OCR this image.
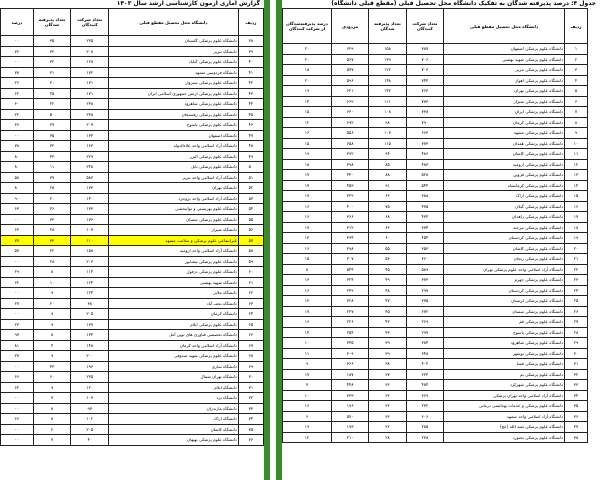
گزارش آماری آزمون کارشناسی ارشد سال ۱۴۰۳
ردیف	دانشگاه محل تحصیل مقطع قبلی	تعداد شرکت کنندگان	تعداد پذیرفته شدگان	درصد
۳۸	دانشگاه علوم پزشکی گلستان	۲۳۵	۳۵	۰۰
۳۹	دانشگاه تبریز	۲۰۸	۳۲	۷۶
۴۰	دانشگاه علوم پزشکی گناباد	۱۲۸	۳۲	۰۰
۴۱	دانشگاه فردوسی مشهد	۱۷۲	۳۱	۷۸
۴۲	دانشگاه علوم پزشکی سبزوار	۱۷۱	۳۰	۲۶
۴۳	دانشگاه علوم پزشکی ارتش جمهوری اسلامی ایران	۱۷۱	۲۵	۶۲
۴۴	دانشگاه علوم پزشکی شاهرود	۲۳۸	۲۲	۳۰
۴۵	دانشگاه علوم پزشکی رفسنجان	۲۳۸	۵۰	۲۲
۴۶	دانشگاه علوم پزشکی یاسوج	۲۰۷	۲۷	۳۶
۴۷	دانشگاه اصفهان	۱۳۴	۳۵	۰۰
۴۸	دانشگاه آزاد اسلامی واحد علاءالدوله	۱۶۳	۳۲	۷۸
۴۹	دانشگاه علوم پزشکی البرز	۲۲۹	۴۳	۸۰
۵۰	دانشگاه علوم پزشکی بابل	۲۴۸	۱۱	۸۰
۵۱	دانشگاه آزاد اسلامی واحد تبریز	۵۸۳	۳۷	۵۸
۵۲	دانشگاه تهران	۱۷۳	۲۸	۸۰
۵۳	دانشگاه آزاد اسلامی واحد بروجرد	۱۴۰	۲۰	۹۰
۵۴	دانشگاه علوم بهزیستی و توانبخشی	۱۳۳	۲۶	۶۳
۵۵	دانشگاه علوم پزشکی سمنان	۱۷۶	۳۳	۰۰
۵۶	دانشگاه شیراز	۱۰۷	۲۸	۶۳
۵۷	غیرانتفاعی علوم پزشکی و سلامت مشهد	۱۱۰	۳۳	۷۷
۵۸	دانشگاه آزاد اسلامی واحد ارومیه	۱۵۸	۲۲	۵۷
۵۹	دانشگاه علوم پزشکی نیشابور	۲۰۳	۲۸	۰۰
۶۰	دانشگاه علوم پزشکی دزفول	۱۱۴	۸	۲۹
۶۱	دانشگاه شهید بهشتی	۱۲۴	۱۰	۶۲
۶۲	دانشگاه ملایر	۱۲۴	۹	۰۰
۶۳	دانشگاه نجف آباد	۳۸	۲۰	۲۷
۶۴	دانشگاه کرمان	۲۰۵	۹	۰۰
۶۵	دانشگاه علوم پزشکی ایلام	۱۳۷	۹	۲۳
۶۶	دانشگاه تخصصی فناوری های نوین آمل	۱۳۴	۸	۹۷
۶۷	دانشگاه آزاد اسلامی واحد کرمان	۱۴۸	۴	۸۱
۶۸	دانشگاه علوم پزشکی شهید صدوقی	۲۰۰	۹	۲۷
۶۹	دانشگاه ساری	۱۹۶	۴۳	۰۰
۷۰	دانشگاه تهران شمال	۲۳۵	۶۰	۶۶
۷۱	دانشگاه ایلام	۱۲۰	۹	۶۲
۷۲	دانشگاه یزد	۱۰۷	۷	۰۰
۷۳	دانشگاه مازندران	۹۷	۸	۰۰
۷۴	دانشگاه اراک	۱۰۲	۸	۶۶
۷۵	دانشگاه کاشان	۲۰۵	۲	۰۰
۷۶	دانشگاه علوم پزشکی بهبهان	۴۰	۷	۰۰
جدول ۴: درصد پذیرفته شدگان به تفکیک دانشگاه محل تحصیل قبلی (مقطع قبلی دانشگاه)
ردیف	دانشگاه محل تحصیل مقطع قبلی	تعداد شرکت کنندگان	تعداد پذیرفته شدگان	مردودی	درصد پذیرفته‌شدگان از شرکت کنندگان
۱	دانشگاه علوم پزشکی اصفهان	۷۸۷	۱۵۸	۶۲۹	۲۰
۲	دانشگاه علوم پزشکی شهید بهشتی	۷۰۶	۱۳۹	۵۶۷	۲۰
۳	دانشگاه علوم پزشکی تبریز	۷۰۳	۱۲۶	۵۷۷	۱۸
۴	دانشگاه علوم پزشکی اهواز	۷۴۴	۱۴۸	۵۹۶	۲۰
۵	دانشگاه علوم پزشکی تهران	۷۶۳	۱۴۲	۶۲۱	۱۹
۶	دانشگاه علوم پزشکی شیراز	۷۷۳	۱۱۱	۶۶۲	۱۴
۷	دانشگاه علوم پزشکی ایران	۷۳۸	۱۰۸	۶۳۰	۱۵
۸	دانشگاه علوم پزشکی کرمان	۷۹۰	۹۸	۶۹۲	۱۲
۹	دانشگاه علوم پزشکی مشهد	۶۶۳	۱۰۷	۵۵۶	۱۶
۱۰	دانشگاه علوم پزشکی همدان	۷۷۳	۱۱۵	۶۵۸	۱۵
۱۱	دانشگاه علوم پزشکی کاشان	۴۸۶	۹۴	۳۹۲	۱۹
۱۲	دانشگاه علوم پزشکی ارومیه	۴۸۳	۸۵	۳۹۸	۱۸
۱۳	دانشگاه علوم پزشکی قزوین	۵۲۸	۸۸	۴۴۰	۱۷
۱۴	دانشگاه علوم پزشکی کرمانشاه	۵۴۴	۹۱	۴۵۳	۱۷
۱۵	دانشگاه علوم پزشکی اراک	۳۸۸	۶۶	۳۲۲	۱۷
۱۶	دانشگاه علوم پزشکی گیلان	۴۷۵	۷۵	۴۰۰	۱۶
۱۷	دانشگاه علوم پزشکی زاهدان	۴۳۴	۶۸	۳۶۶	۱۶
۱۸	دانشگاه علوم پزشکی بیرجند	۳۷۴	۶۲	۳۱۲	۱۷
۱۹	دانشگاه علوم پزشکی کردستان	۴۵۴	۶۰	۳۹۴	۱۳
۲۰	دانشگاه علوم پزشکی کاشان	۳۵۳	۵۵	۲۹۸	۱۶
۲۱	دانشگاه علوم پزشکی زنجان	۳۶۰	۵۳	۳۰۷	۱۵
۲۲	دانشگاه آزاد اسلامی واحد علوم پزشکی تهران	۵۸۹	۴۵	۵۴۴	۸
۲۳	دانشگاه علوم پزشکی جهرم	۳۷۳	۴۹	۳۲۴	۱۳
۲۴	دانشگاه علوم پزشکی کردستان	۲۹۷	۴۸	۲۴۹	۱۶
۲۵	دانشگاه علوم پزشکی لرستان	۳۷۵	۴۷	۳۲۸	۱۳
۲۶	دانشگاه علوم پزشکی سمنان	۲۷۲	۴۵	۲۲۷	۱۷
۲۷	دانشگاه علوم پزشکی قم	۲۶۹	۴۳	۲۲۶	۱۶
۲۸	دانشگاه علوم پزشکی یاسوج	۲۹۷	۴۳	۲۵۴	۱۴
۲۹	دانشگاه علوم پزشکی شاهرود	۳۸۴	۳۹	۳۴۵	۱۰
۳۰	دانشگاه علوم پزشکی بوشهر	۳۴۸	۳۹	۳۰۹	۱۱
۳۱	دانشگاه علوم پزشکی فسا	۴۰۴	۳۸	۳۶۶	۹
۳۲	دانشگاه علوم پزشکی بم	۲۲۴	۳۷	۱۸۷	۱۷
۳۳	دانشگاه علوم پزشکی شهرکرد	۴۸۴	۳۶	۴۴۸	۷
۳۴	دانشگاه آزاد اسلامی واحد تهران پزشکی	۳۶۹	۳۶	۳۳۳	۱۰
۳۵	دانشگاه علوم پزشکی و خدمات بهداشتی درمانی	۲۳۲	۳۶	۱۹۶	۱۶
۳۶	دانشگاه آزاد اسلامی واحد مشهد	۶۰۶	۳۶	۵۷۰	۶
۳۷	دانشگاه علوم پزشکی بقیه الله (عج)	۲۸۵	۹۲	۱۹۳	۱۹
۳۸	دانشگاه علوم پزشکی بجنورد	۲۳۸	۲۸	۲۱۰	۱۲
